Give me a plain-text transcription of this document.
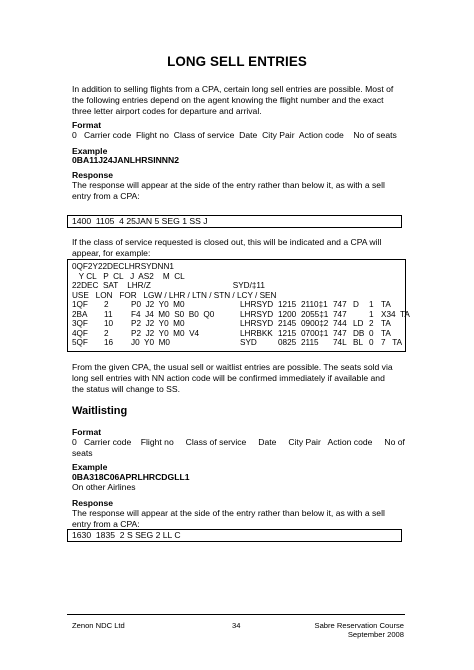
LONG SELL ENTRIES
In addition to selling flights from a CPA, certain long sell entries are possible. Most of
the following entries depend on the agent knowing the flight number and the exact
three letter airport codes for departure and arrival.
Format
0   Carrier code  Flight no  Class of service  Date  City Pair  Action code    No of seats
Example
0BA11J24JANLHRSINNN2
Response
The response will appear at the side of the entry rather than below it, as with a sell
entry from a CPA:
1400  1105  4 25JAN 5 SEG 1 SS J
If the class of service requested is closed out, this will be indicated and a CPA will
appear, for example:
0QF2Y22DECLHRSYDNN1
Y CL   P  CL   J  AS2    M  CL
22DEC  SAT    LHR/Z                                    SYD/‡11
USE   LON   FOR   LGW / LHR / LTN / STN / LCY / SEN
1QF 2	P0  J2  Y0  M0	LHRSYD 1215 2110‡1 747 D 1 TA
2BA 11 F4  J4  M0  S0  B0  Q0	LHRSYD 1200 2055‡1 747	1 X34  TA
3QF 10 P2  J2  Y0  M0	LHRSYD 2145 0900‡2 744 LD 2 TA
4QF 2	P2  J2  Y0  M0  V4	LHRBKK 1215 0700‡1 747 DB 0 TA
5QF 16 J0  Y0  M0	SYD	0825 2115 74L BL 0 7   TA
From the given CPA, the usual sell or waitlist entries are possible. The seats sold via
long sell entries with NN action code will be confirmed immediately if available and
the status will change to SS.
Waitlisting
Format
0   Carrier code    Flight no     Class of service     Date     City Pair   Action code     No of
seats
Example
0BA318C06APRLHRCDGLL1
On other Airlines
Response
The response will appear at the side of the entry rather than below it, as with a sell
entry from a CPA:
1630  1835  2 S SEG 2 LL C
Zenon NDC Ltd	34	Sabre Reservation Course
September 2008
